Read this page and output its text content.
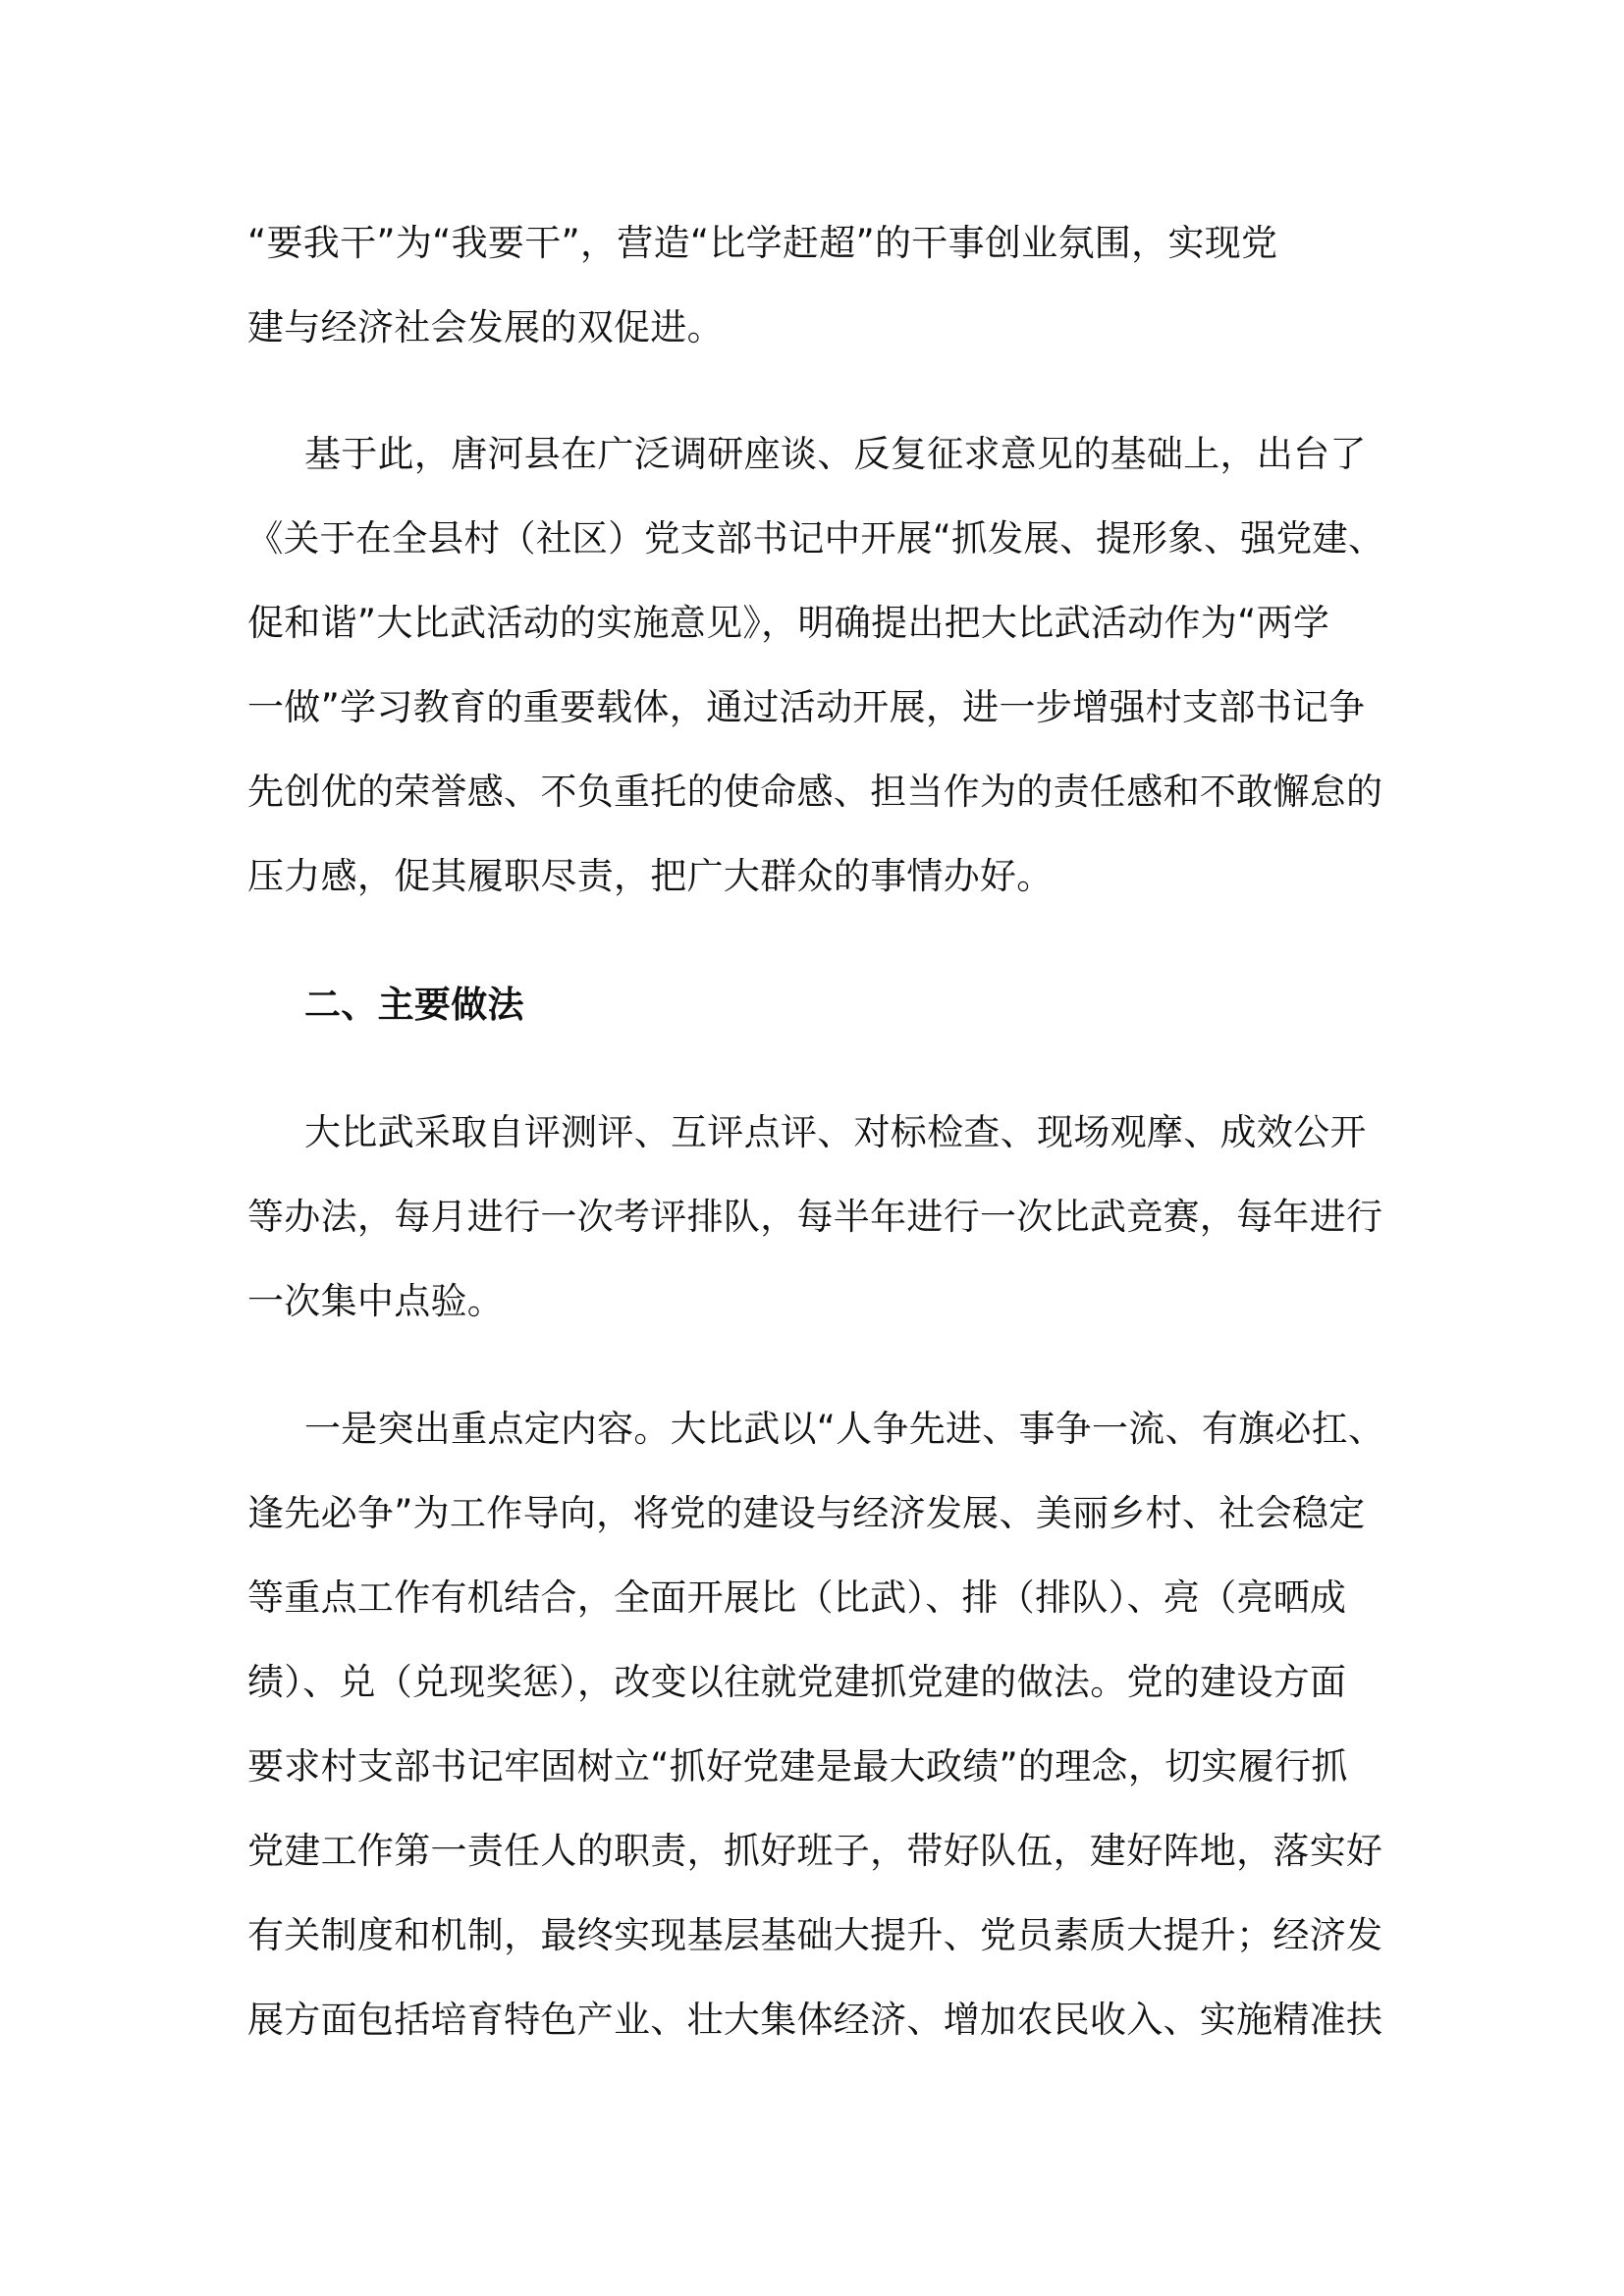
“要我干”为“我要干”，营造“比学赶超”的干事创业氛围，实现党
建与经济社会发展的双促进。
基于此，唐河县在广泛调研座谈、反复征求意见的基础上，出台了
《关于在全县村（社区）党支部书记中开展“抓发展、提形象、强党建、
促和谐”大比武活动的实施意见》，明确提出把大比武活动作为“两学
一做”学习教育的重要载体，通过活动开展，进一步增强村支部书记争
先创优的荣誉感、不负重托的使命感、担当作为的责任感和不敢懈怠的
压力感，促其履职尽责，把广大群众的事情办好。
二、主要做法
大比武采取自评测评、互评点评、对标检查、现场观摩、成效公开
等办法，每月进行一次考评排队，每半年进行一次比武竞赛，每年进行
一次集中点验。
一是突出重点定内容。大比武以“人争先进、事争一流、有旗必扛、
逢先必争”为工作导向，将党的建设与经济发展、美丽乡村、社会稳定
等重点工作有机结合，全面开展比（比武）、排（排队）、亮（亮晒成
绩）、兑（兑现奖惩），改变以往就党建抓党建的做法。党的建设方面
要求村支部书记牢固树立“抓好党建是最大政绩”的理念，切实履行抓
党建工作第一责任人的职责，抓好班子，带好队伍，建好阵地，落实好
有关制度和机制，最终实现基层基础大提升、党员素质大提升；经济发
展方面包括培育特色产业、壮大集体经济、增加农民收入、实施精准扶
